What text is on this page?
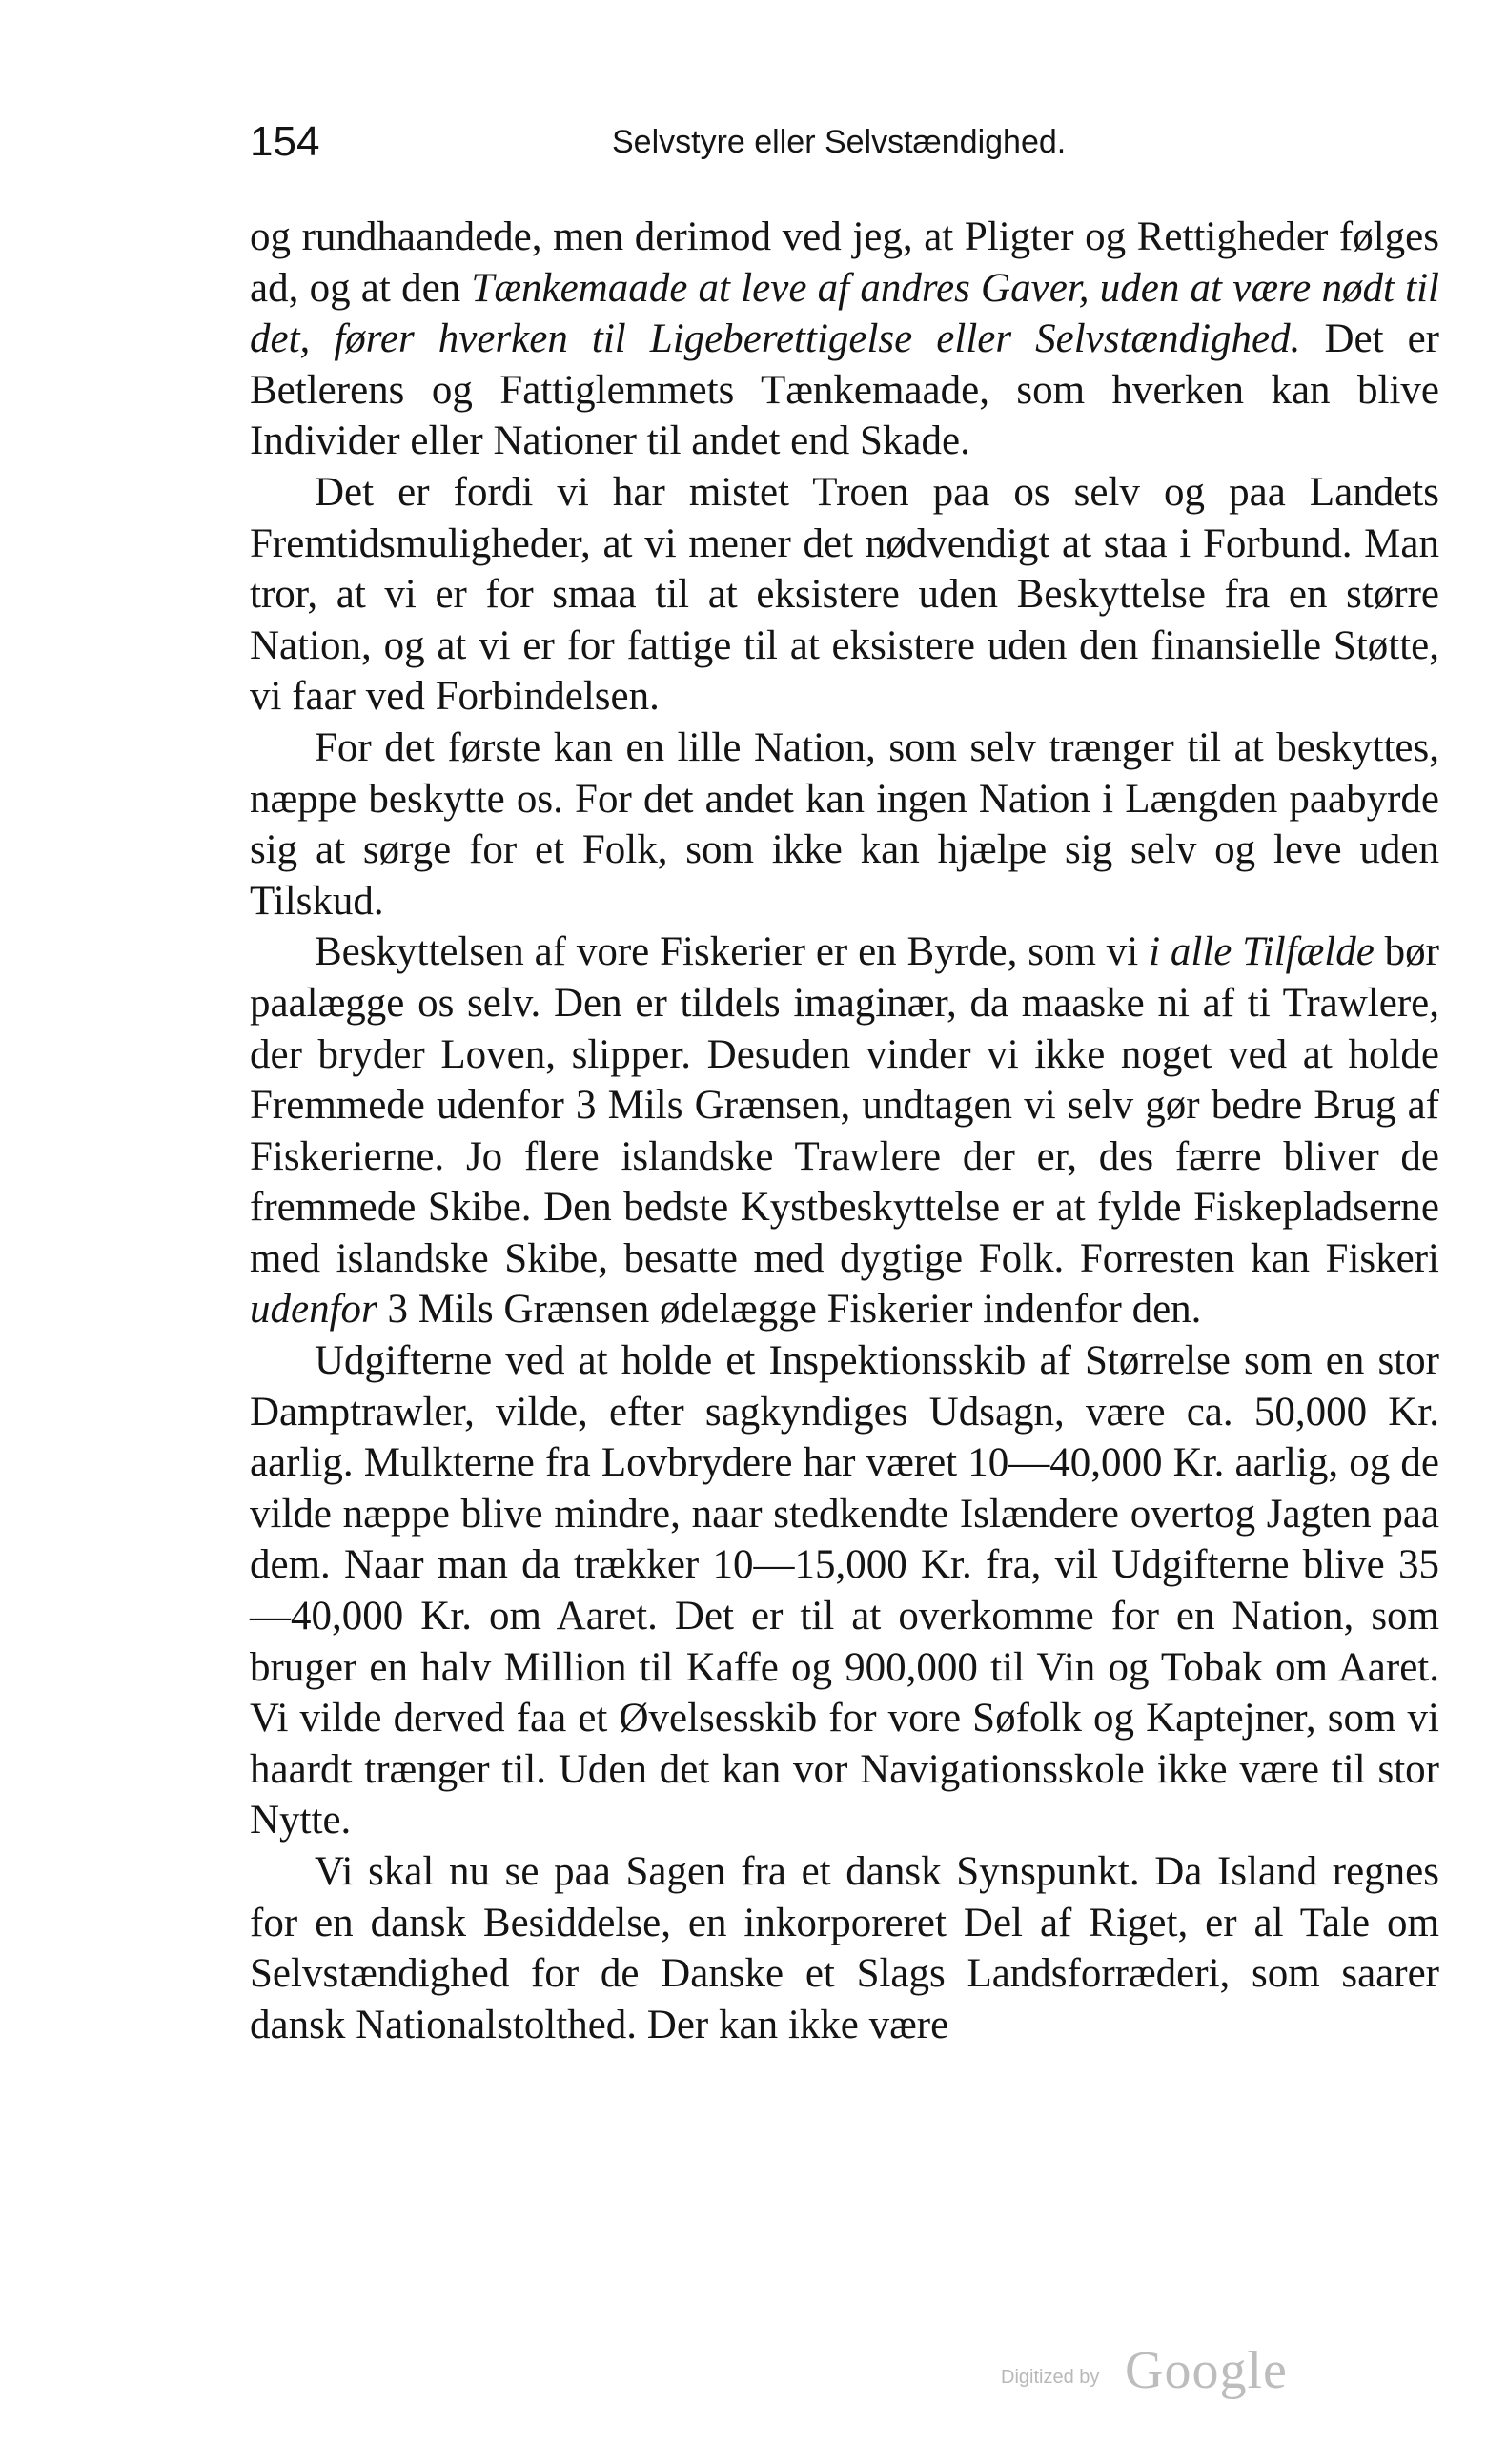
154	Selvstyre eller Selvstændighed.

og rundhaandede, men derimod ved jeg, at Pligter og Rettigheder følges ad, og at den Tænkemaade at leve af andres Gaver, uden at være nødt til det, fører hverken til Ligeberettigelse eller Selvstændighed. Det er Betlerens og Fattiglemmets Tænkemaade, som hverken kan blive Individer eller Nationer til andet end Skade.

Det er fordi vi har mistet Troen paa os selv og paa Landets Fremtidsmuligheder, at vi mener det nødvendigt at staa i Forbund. Man tror, at vi er for smaa til at eksistere uden Beskyttelse fra en større Nation, og at vi er for fattige til at eksistere uden den finansielle Støtte, vi faar ved Forbindelsen.

For det første kan en lille Nation, som selv trænger til at beskyttes, næppe beskytte os. For det andet kan ingen Nation i Længden paabyrde sig at sørge for et Folk, som ikke kan hjælpe sig selv og leve uden Tilskud.

Beskyttelsen af vore Fiskerier er en Byrde, som vi i alle Tilfælde bør paalægge os selv. Den er tildels imaginær, da maaske ni af ti Trawlere, der bryder Loven, slipper. Desuden vinder vi ikke noget ved at holde Fremmede udenfor 3 Mils Grænsen, undtagen vi selv gør bedre Brug af Fiskerierne. Jo flere islandske Trawlere der er, des færre bliver de fremmede Skibe. Den bedste Kystbeskyttelse er at fylde Fiskepladserne med islandske Skibe, besatte med dygtige Folk. Forresten kan Fiskeri udenfor 3 Mils Grænsen ødelægge Fiskerier indenfor den.

Udgifterne ved at holde et Inspektionsskib af Størrelse som en stor Damptrawler, vilde, efter sagkyndiges Udsagn, være ca. 50,000 Kr. aarlig. Mulkterne fra Lovbrydere har været 10—40,000 Kr. aarlig, og de vilde næppe blive mindre, naar stedkendte Islændere overtog Jagten paa dem. Naar man da trækker 10—15,000 Kr. fra, vil Udgifterne blive 35—40,000 Kr. om Aaret. Det er til at overkomme for en Nation, som bruger en halv Million til Kaffe og 900,000 til Vin og Tobak om Aaret. Vi vilde derved faa et Øvelsesskib for vore Søfolk og Kaptejner, som vi haardt trænger til. Uden det kan vor Navigationsskole ikke være til stor Nytte.

Vi skal nu se paa Sagen fra et dansk Synspunkt. Da Island regnes for en dansk Besiddelse, en inkorporeret Del af Riget, er al Tale om Selvstændighed for de Danske et Slags Landsforræderi, som saarer dansk Nationalstolthed. Der kan ikke være

Digitized by Google
